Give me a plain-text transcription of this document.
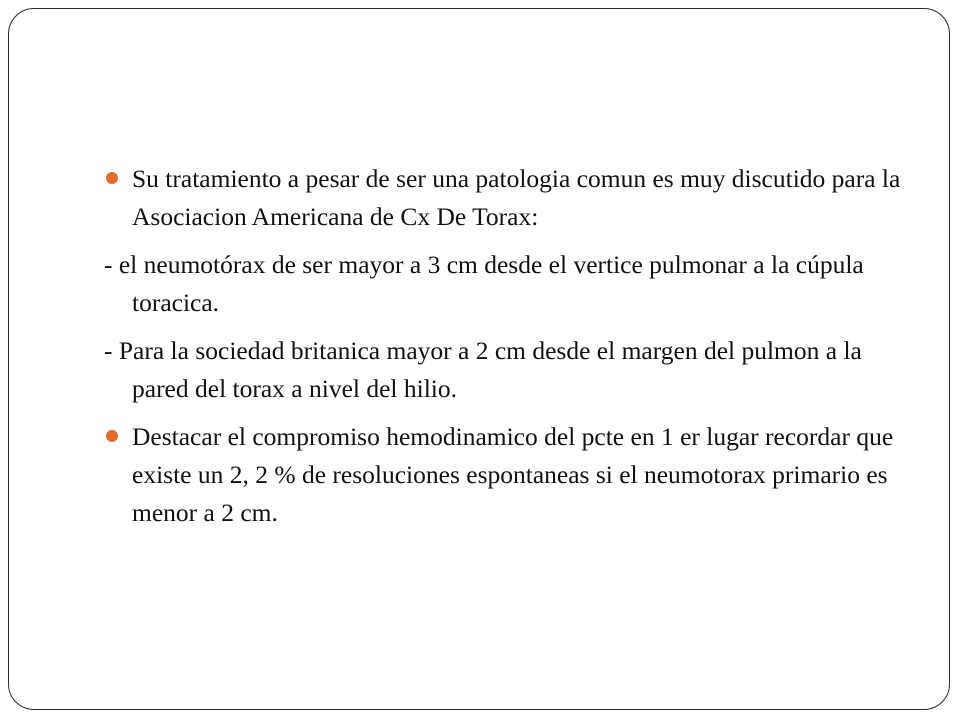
Su tratamiento a pesar de ser una patologia comun es muy discutido para la Asociacion Americana de Cx De Torax:

- el neumotórax de ser mayor a 3 cm desde el vertice pulmonar a la cúpula toracica.

- Para la sociedad britanica mayor a 2 cm desde el margen del pulmon a la pared del torax a nivel del hilio.

Destacar el compromiso hemodinamico del pcte en 1 er lugar recordar que existe un 2, 2 % de resoluciones espontaneas si el neumotorax primario es menor a 2 cm.
